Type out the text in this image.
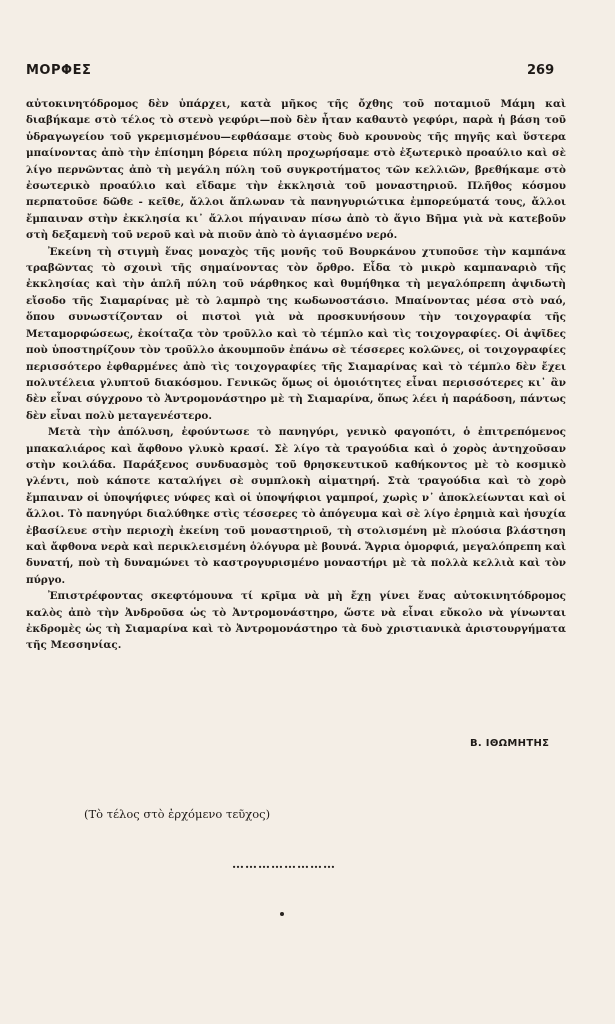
ΜΟΡΦΕΣ	269

αὐτοκινητόδρομος δὲν ὑπάρχει, κατὰ μῆκος τῆς ὄχθης τοῦ ποταμιοῦ Μάμη καὶ διαβήκαμε στὸ τέλος τὸ στενὸ γεφύρι—ποὺ δὲν ἦταν καθαυτὸ γεφύρι, παρὰ ἡ βάση τοῦ ὑδραγωγείου τοῦ γκρεμισμένου—εφθάσαμε στοὺς δυὸ κρουνοὺς τῆς πηγῆς καὶ ὕστερα μπαίνοντας ἀπὸ τὴν ἐπίσημη βόρεια πύλη προχωρήσαμε στὸ ἐξωτερικὸ προαύλιο καὶ σὲ λίγο περνῶντας ἀπὸ τὴ μεγάλη πύλη τοῦ συγκροτήματος τῶν κελλιῶν, βρεθήκαμε στὸ ἐσωτερικὸ προαύλιο καὶ εἴδαμε τὴν ἐκκλησιὰ τοῦ μοναστηριοῦ. Πλῆθος κόσμου περπατοῦσε δῶθε - κεῖθε, ἄλλοι ἅπλωναν τὰ πανηγυριώτικα ἐμπορεύματά τους, ἄλλοι ἔμπαιναν στὴν ἐκκλησία κι᾽ ἄλλοι πήγαιναν πίσω ἀπὸ τὸ ἅγιο Βῆμα γιὰ νὰ κατεβοῦν στὴ δεξαμενὴ τοῦ νεροῦ καὶ νὰ πιοῦν ἀπὸ τὸ ἁγιασμένο νερό.

Ἐκείνη τὴ στιγμὴ ἕνας μοναχὸς τῆς μονῆς τοῦ Βουρκάνου χτυποῦσε τὴν καμπάνα τραβῶντας τὸ σχοινὶ τῆς σημαίνοντας τὸν ὄρθρο. Εἶδα τὸ μικρὸ καμπαναριὸ τῆς ἐκκλησίας καὶ τὴν ἁπλῆ πύλη τοῦ νάρθηκος καὶ θυμήθηκα τὴ μεγαλόπρεπη ἀψιδωτὴ εἴσοδο τῆς Σιαμαρίνας μὲ τὸ λαμπρὸ της κωδωνοστάσιο. Μπαίνοντας μέσα στὸ ναό, ὅπου συνωστίζονταν οἱ πιστοὶ γιὰ νὰ προσκυνήσουν τὴν τοιχογραφία τῆς Μεταμορφώσεως, ἐκοίταζα τὸν τροῦλλο καὶ τὸ τέμπλο καὶ τὶς τοιχογραφίες. Οἱ ἀψῖδες ποὺ ὑποστηρίζουν τὸν τροῦλλο ἀκουμποῦν ἐπάνω σὲ τέσσερες κολῶνες, οἱ τοιχογραφίες περισσότερο ἐφθαρμένες ἀπὸ τὶς τοιχογραφίες τῆς Σιαμαρίνας καὶ τὸ τέμπλο δὲν ἔχει πολυτέλεια γλυπτοῦ διακόσμου. Γενικῶς ὅμως οἱ ὁμοιότητες εἶναι περισσότερες κι᾽ ἂν δὲν εἶναι σύγχρονο τὸ Ἀντρομονάστηρο μὲ τὴ Σιαμαρίνα, ὅπως λέει ἡ παράδοση, πάντως δὲν εἶναι πολὺ μεταγενέστερο.

Μετὰ τὴν ἀπόλυση, ἐφούντωσε τὸ πανηγύρι, γενικὸ φαγοπότι, ὁ ἐπιτρεπόμενος μπακαλιάρος καὶ ἄφθονο γλυκὸ κρασί. Σὲ λίγο τὰ τραγούδια καὶ ὁ χορὸς ἀντηχοῦσαν στὴν κοιλάδα. Παράξενος συνδυασμὸς τοῦ θρησκευτικοῦ καθήκοντος μὲ τὸ κοσμικὸ γλέντι, ποὺ κάποτε καταλήγει σὲ συμπλοκὴ αἱματηρή. Στὰ τραγούδια καὶ τὸ χορὸ ἔμπαιναν οἱ ὑποψήφιες νύφες καὶ οἱ ὑποψήφιοι γαμπροί, χωρὶς ν᾽ ἀποκλείωνται καὶ οἱ ἄλλοι. Τὸ πανηγύρι διαλύθηκε στὶς τέσσερες τὸ ἀπόγευμα καὶ σὲ λίγο ἐρημιὰ καὶ ἡσυχία ἐβασίλευε στὴν περιοχὴ ἐκείνη τοῦ μοναστηριοῦ, τὴ στολισμένη μὲ πλούσια βλάστηση καὶ ἄφθονα νερὰ καὶ περικλεισμένη ὁλόγυρα μὲ βουνά. Ἄγρια ὀμορφιά, μεγαλόπρεπη καὶ δυνατή, ποὺ τὴ δυναμώνει τὸ καστρογυρισμένο μοναστήρι μὲ τὰ πολλὰ κελλιὰ καὶ τὸν πύργο.

Ἐπιστρέφοντας σκεφτόμουνα τί κρῖμα νὰ μὴ ἔχῃ γίνει ἕνας αὐτοκινητόδρομος καλὸς ἀπὸ τὴν Ἀνδροῦσα ὡς τὸ Ἀντρομονάστηρο, ὥστε νὰ εἶναι εὔκολο νὰ γίνωνται ἐκδρομὲς ὡς τὴ Σιαμαρίνα καὶ τὸ Ἀντρομονάστηρο τὰ δυὸ χριστιανικὰ ἀριστουργήματα τῆς Μεσσηνίας.

Β. ΙΘΩΜΗΤΗΣ
(Τὸ τέλος στὸ ἐρχόμενο τεῦχος)
……………………
